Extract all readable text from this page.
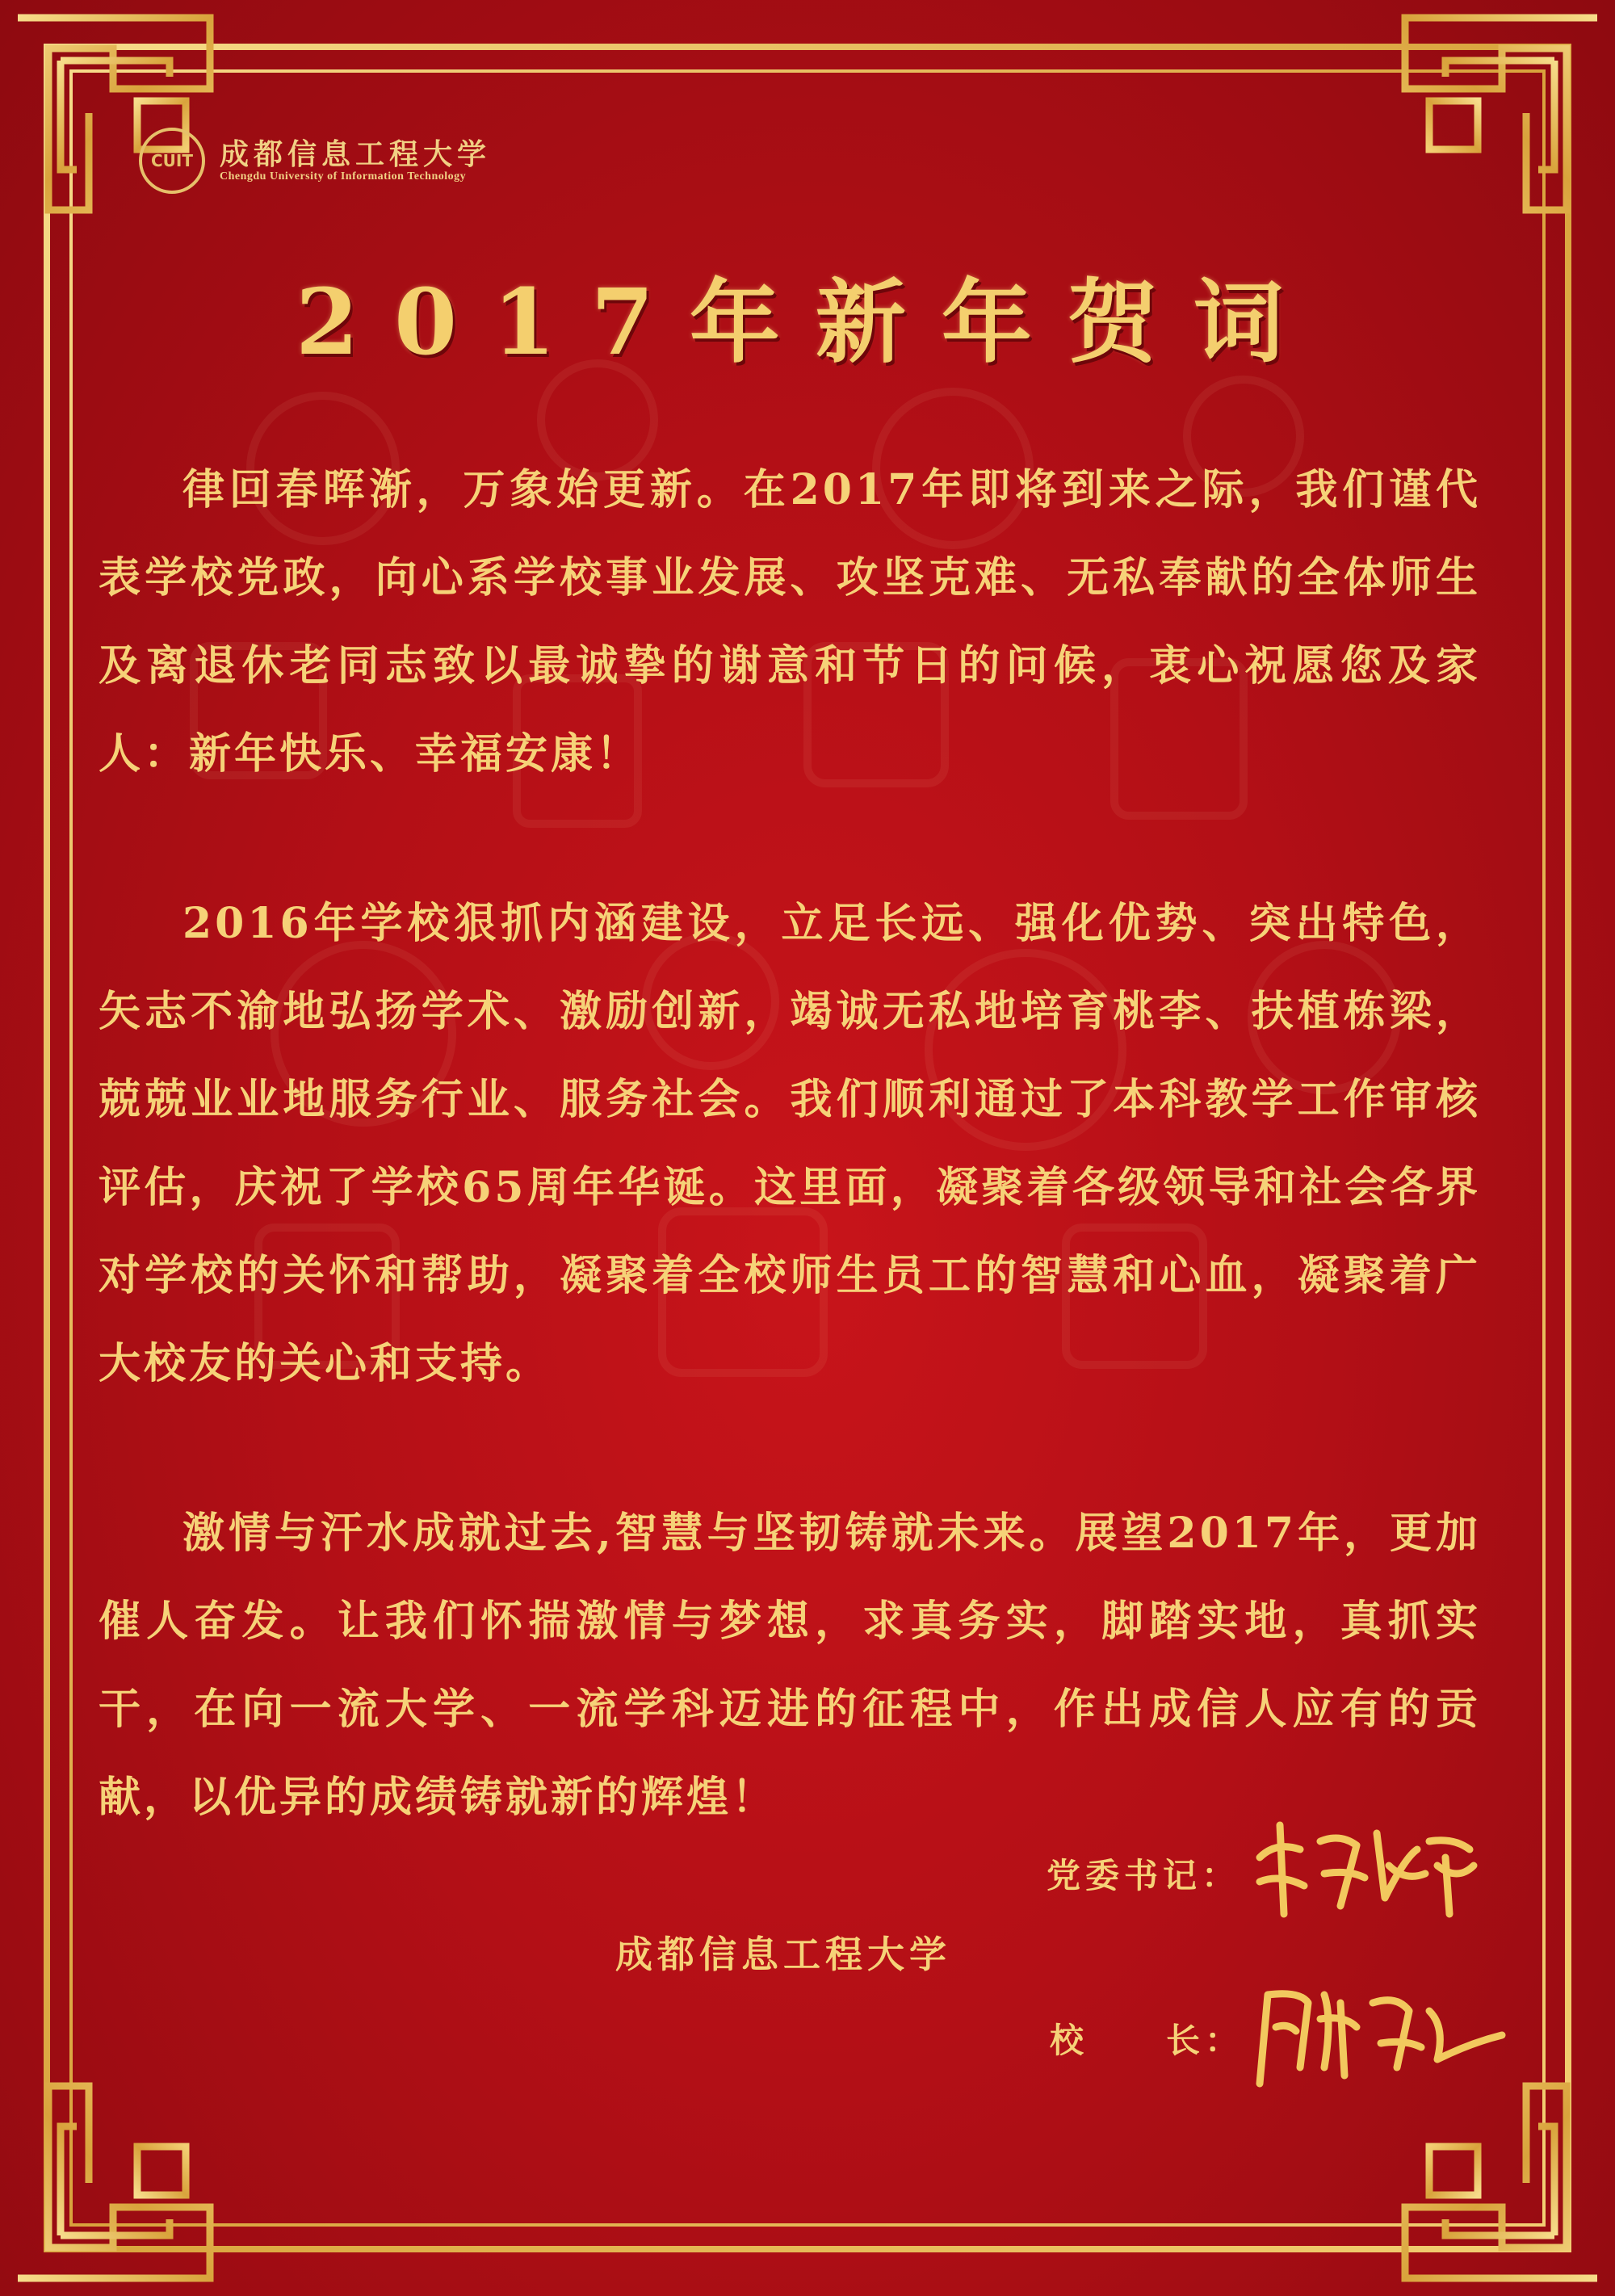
CUIT 成都信息工程大学
Chengdu University of Information Technology
2017年新年贺词

律回春晖渐，万象始更新。在2017年即将到来之际，我们谨代表学校党政，向心系学校事业发展、攻坚克难、无私奉献的全体师生及离退休老同志致以最诚挚的谢意和节日的问候，衷心祝愿您及家人：新年快乐、幸福安康！

2016年学校狠抓内涵建设，立足长远、强化优势、突出特色，矢志不渝地弘扬学术、激励创新，竭诚无私地培育桃李、扶植栋梁，兢兢业业地服务行业、服务社会。我们顺利通过了本科教学工作审核评估，庆祝了学校65周年华诞。这里面，凝聚着各级领导和社会各界对学校的关怀和帮助，凝聚着全校师生员工的智慧和心血，凝聚着广大校友的关心和支持。

激情与汗水成就过去,智慧与坚韧铸就未来。展望2017年，更加催人奋发。让我们怀揣激情与梦想，求真务实，脚踏实地，真抓实干，在向一流大学、一流学科迈进的征程中，作出成信人应有的贡献，以优异的成绩铸就新的辉煌！

党委书记：
成都信息工程大学
校　　长：
